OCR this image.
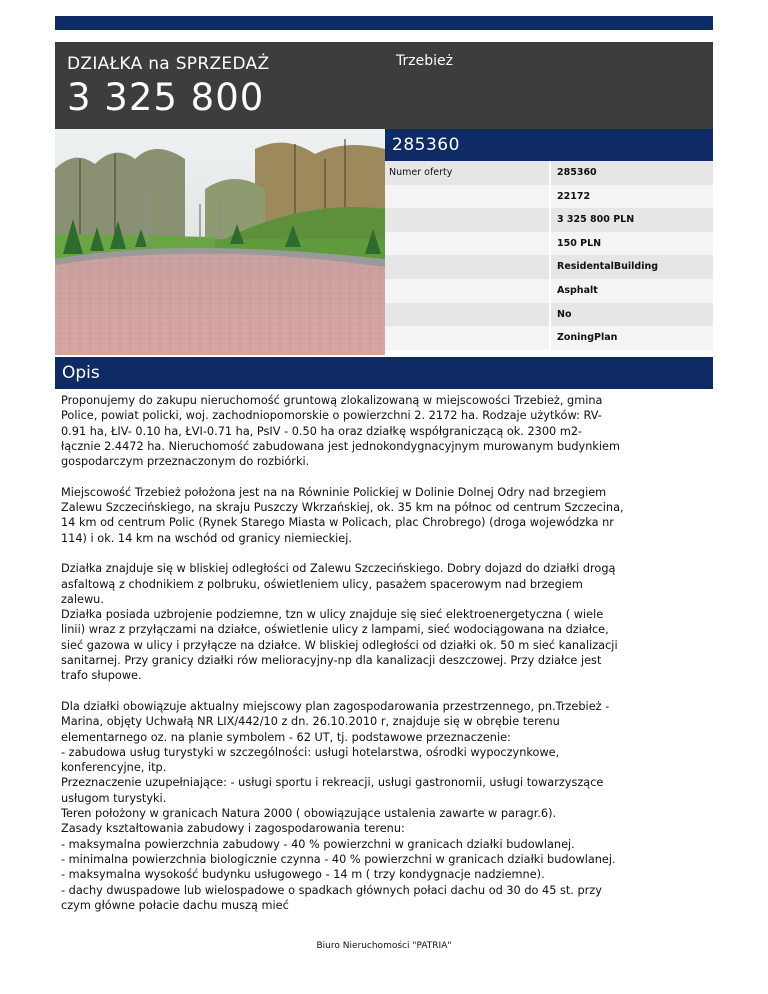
DZIAŁKA na SPRZEDAŻ
3 325 800
Trzebież
285360
Numer oferty	285360
22172
3 325 800 PLN
150 PLN
ResidentalBuilding
Asphalt
No
ZoningPlan
Opis

Proponujemy do zakupu nieruchomość gruntową zlokalizowaną w miejscowości Trzebież, gmina
Police, powiat policki, woj. zachodniopomorskie o powierzchni 2. 2172 ha. Rodzaje użytków: RV-
0.91 ha, ŁIV- 0.10 ha, ŁVI-0.71 ha, PsIV - 0.50 ha oraz działkę współgraniczącą ok. 2300 m2-
łącznie 2.4472 ha. Nieruchomość zabudowana jest jednokondygnacyjnym murowanym budynkiem
gospodarczym przeznaczonym do rozbiórki.

Miejscowość Trzebież położona jest na na Równinie Polickiej w Dolinie Dolnej Odry nad brzegiem
Zalewu Szczecińskiego, na skraju Puszczy Wkrzańskiej, ok. 35 km na północ od centrum Szczecina,
14 km od centrum Polic (Rynek Starego Miasta w Policach, plac Chrobrego) (droga wojewódzka nr
114) i ok. 14 km na wschód od granicy niemieckiej.

Działka znajduje się w bliskiej odległości od Zalewu Szczecińskiego. Dobry dojazd do działki drogą
asfaltową z chodnikiem z polbruku, oświetleniem ulicy, pasażem spacerowym nad brzegiem
zalewu.
Działka posiada uzbrojenie podziemne, tzn w ulicy znajduje się sieć elektroenergetyczna ( wiele
linii) wraz z przyłączami na działce, oświetlenie ulicy z lampami, sieć wodociągowana na działce,
sieć gazowa w ulicy i przyłącze na działce. W bliskiej odległości od działki ok. 50 m sieć kanalizacji
sanitarnej. Przy granicy działki rów melioracyjny-np dla kanalizacji deszczowej. Przy działce jest
trafo słupowe.

Dla działki obowiązuje aktualny miejscowy plan zagospodarowania przestrzennego, pn.Trzebież -
Marina, objęty Uchwałą NR LIX/442/10 z dn. 26.10.2010 r, znajduje się w obrębie terenu
elementarnego oz. na planie symbolem - 62 UT, tj. podstawowe przeznaczenie:
- zabudowa usług turystyki w szczególności: usługi hotelarstwa, ośrodki wypoczynkowe,
konferencyjne, itp.
Przeznaczenie uzupełniające: - usługi sportu i rekreacji, usługi gastronomii, usługi towarzyszące
usługom turystyki.
Teren położony w granicach Natura 2000 ( obowiązujące ustalenia zawarte w paragr.6).
Zasady kształtowania zabudowy i zagospodarowania terenu:
- maksymalna powierzchnia zabudowy - 40 % powierzchni w granicach działki budowlanej.
- minimalna powierzchnia biologicznie czynna - 40 % powierzchni w granicach działki budowlanej.
- maksymalna wysokość budynku usługowego - 14 m ( trzy kondygnacje nadziemne).
- dachy dwuspadowe lub wielospadowe o spadkach głównych połaci dachu od 30 do 45 st. przy
czym główne połacie dachu muszą mieć

Biuro Nieruchomości "PATRIA"
